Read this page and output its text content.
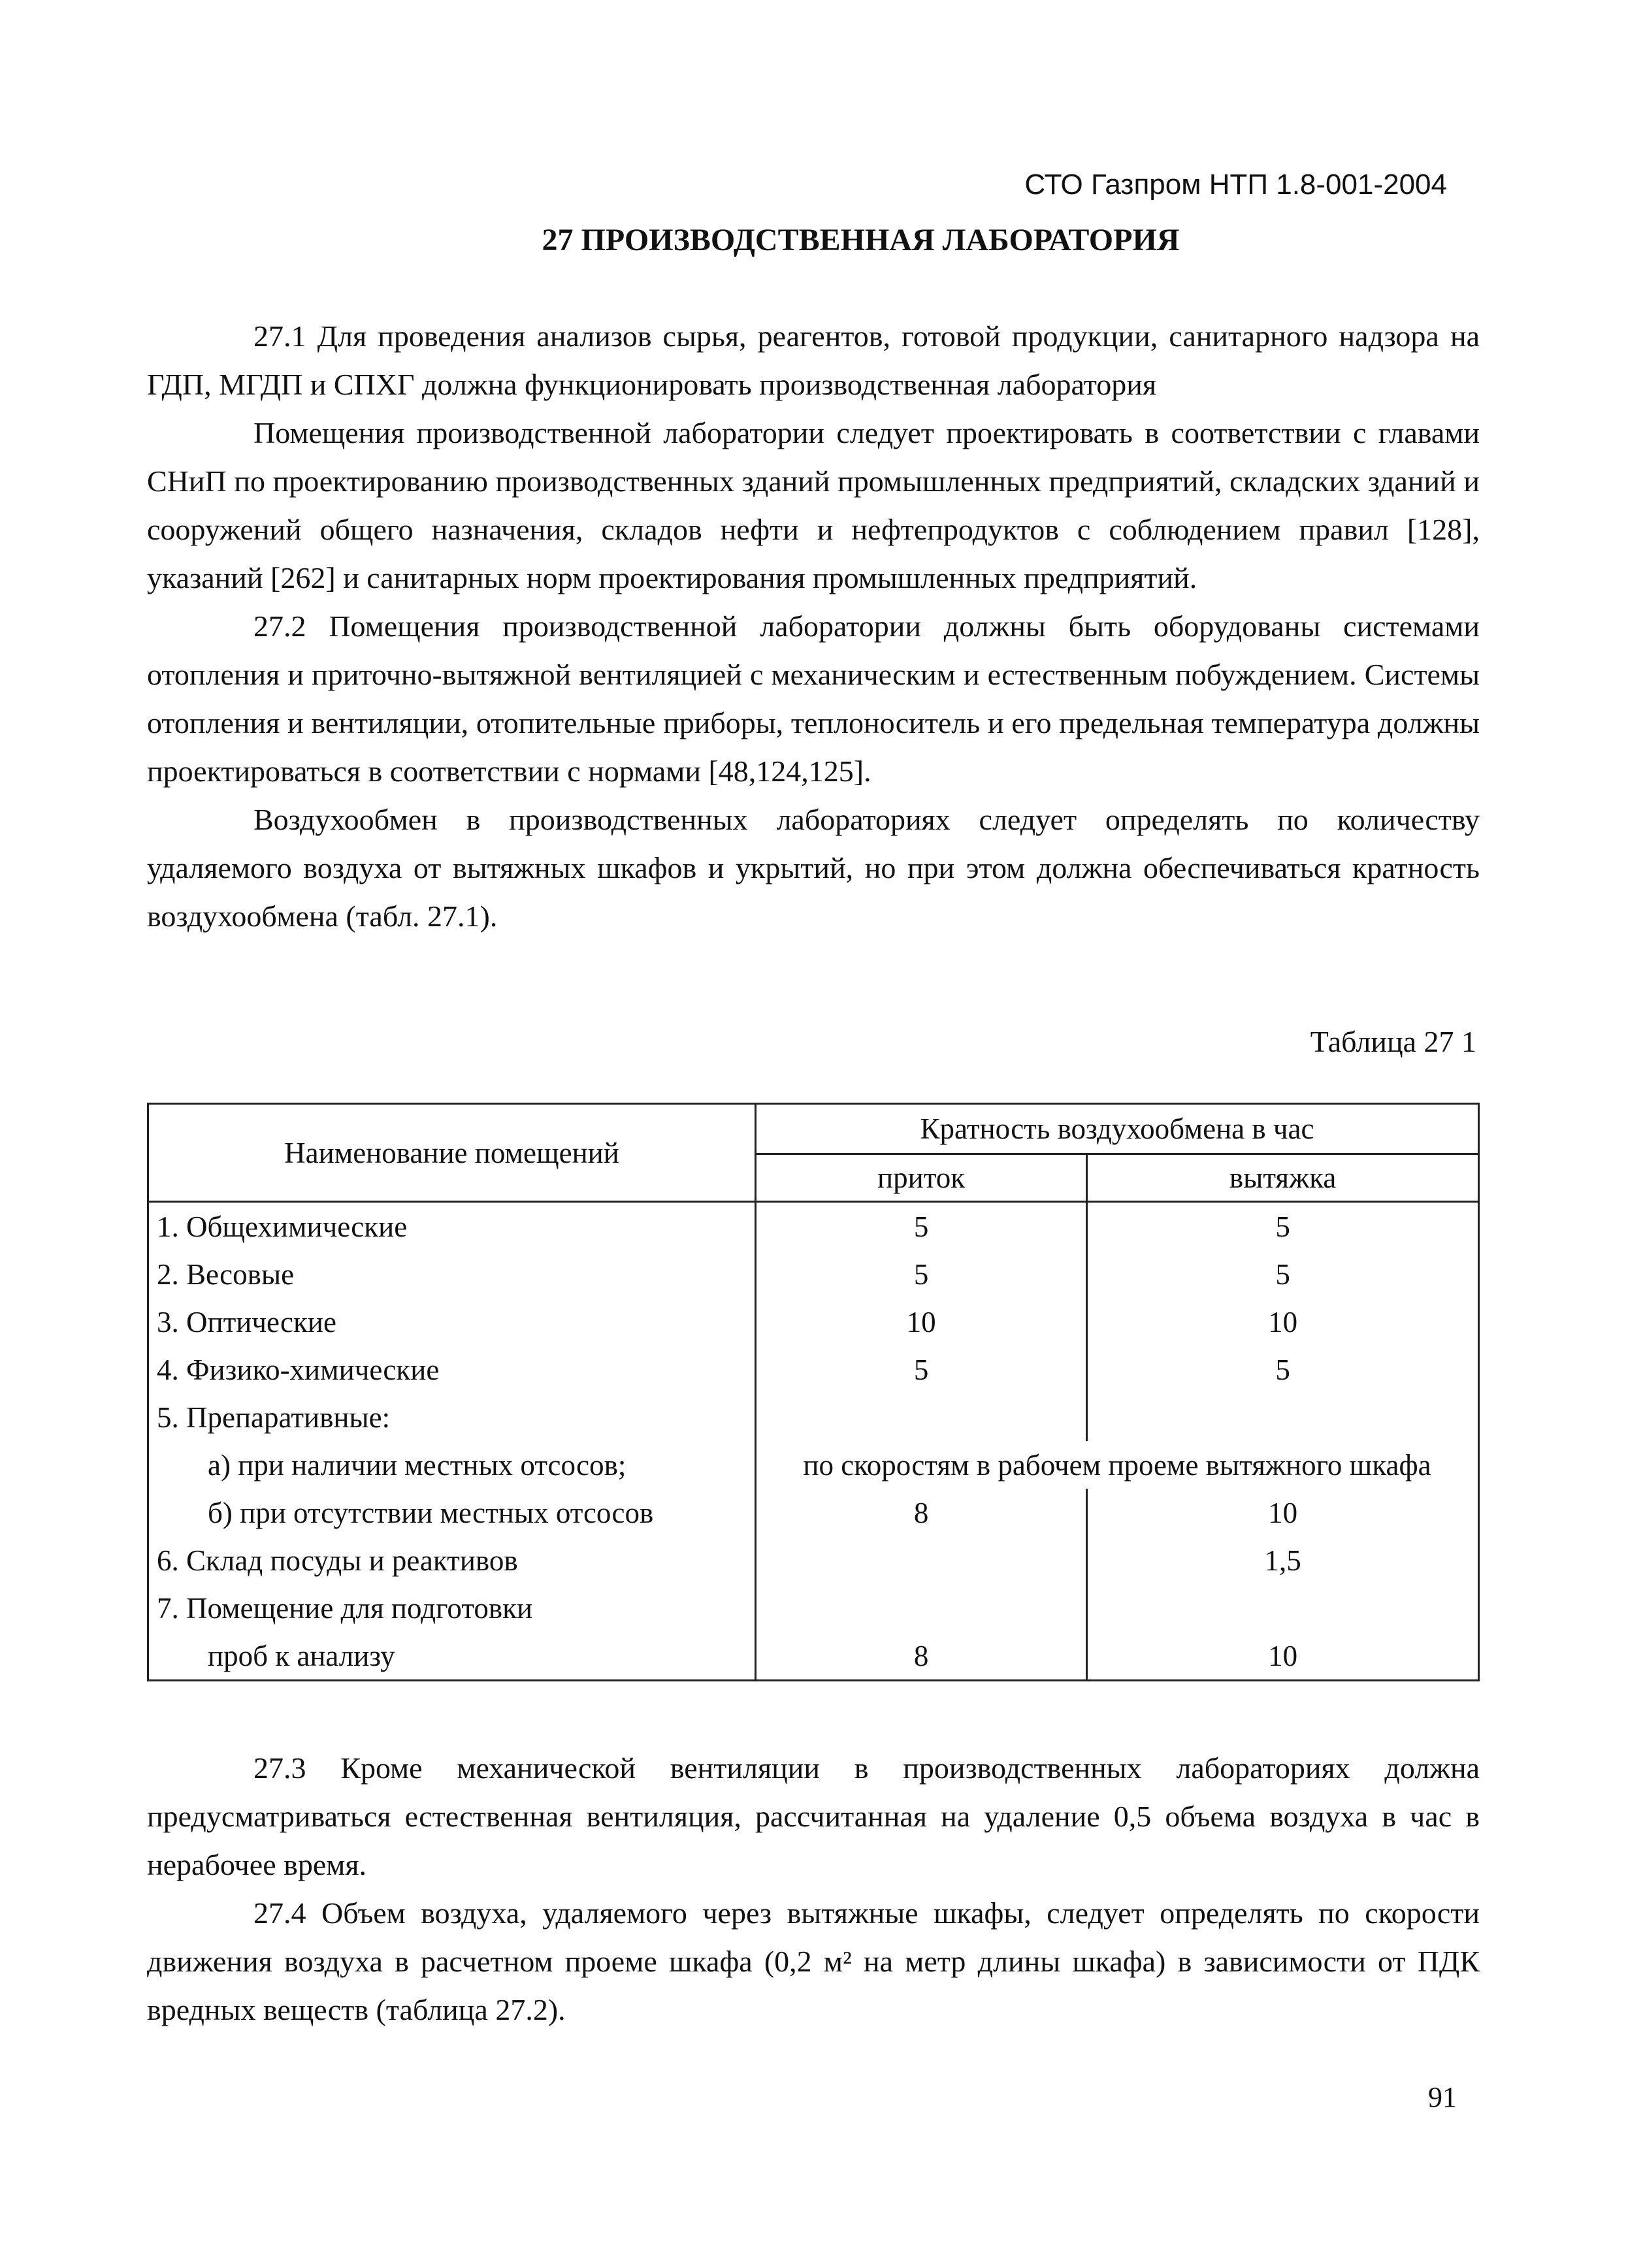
СТО Газпром НТП 1.8-001-2004
27 ПРОИЗВОДСТВЕННАЯ ЛАБОРАТОРИЯ

27.1 Для проведения анализов сырья, реагентов, готовой продукции, санитарного надзора на ГДП, МГДП и СПХГ должна функционировать производственная лаборатория

Помещения производственной лаборатории следует проектировать в соответствии с главами СНиП по проектированию производственных зданий промышленных предприятий, складских зданий и сооружений общего назначения, складов нефти и нефтепродуктов с соблюдением правил [128], указаний [262] и санитарных норм проектирования промышленных предприятий.

27.2 Помещения производственной лаборатории должны быть оборудованы системами отопления и приточно-вытяжной вентиляцией с механическим и естественным побуждением. Системы отопления и вентиляции, отопительные приборы, теплоноситель и его предельная температура должны проектироваться в соответствии с нормами [48,124,125].

Воздухообмен в производственных лабораториях следует определять по количеству удаляемого воздуха от вытяжных шкафов и укрытий, но при этом должна обеспечиваться кратность воздухообмена (табл. 27.1).

Таблица 27 1
Наименование помещений	Кратность воздухообмена в час	
	приток	вытяжка
1. Общехимические	5	5
2. Весовые	5	5
3. Оптические	10	10
4. Физико-химические	5	5
5. Препаративные:		
а) при наличии местных отсосов;	по скоростям в рабочем проеме вытяжного шкафа	
б) при отсутствии местных отсосов	8	10
6. Склад посуды и реактивов		1,5
7. Помещение для подготовки		
проб к анализу	8	10

27.3 Кроме механической вентиляции в производственных лабораториях должна предусматриваться естественная вентиляция, рассчитанная на удаление 0,5 объема воздуха в час в нерабочее время.

27.4 Объем воздуха, удаляемого через вытяжные шкафы, следует определять по скорости движения воздуха в расчетном проеме шкафа (0,2 м² на метр длины шкафа) в зависимости от ПДК вредных веществ (таблица 27.2).

91
